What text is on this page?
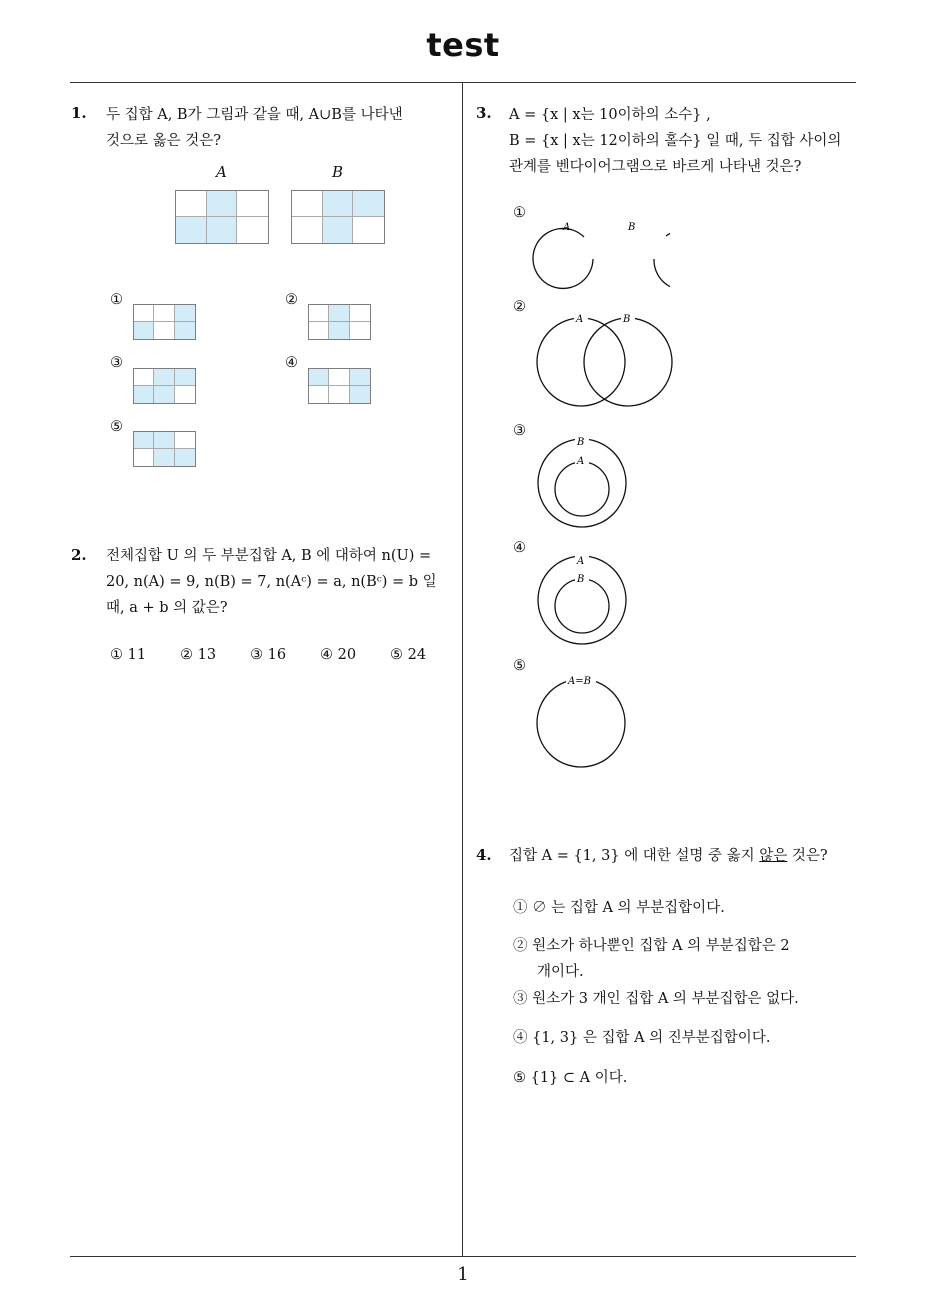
test
1
1. 두 집합 A, B가 그림과 같을 때, A∪B를 나타낸
것으로 옳은 것은?
A	B
①	②
③	④
⑤
2. 전체집합 U 의 두 부분집합 A, B 에 대하여 n(U) =
20, n(A) = 9, n(B) = 7, n(Aᶜ) = a, n(Bᶜ) = b 일
때, a + b 의 값은?
① 11 ② 13 ③ 16 ④ 20 ⑤ 24
3. A = {x | x는 10이하의 소수} ,
B = {x | x는 12이하의 홀수} 일 때, 두 집합 사이의
관계를 벤다이어그램으로 바르게 나타낸 것은?
①
A	B
②
A	B
③
B
A
④
A
B
⑤
A=B
4. 집합 A = {1, 3} 에 대한 설명 중 옳지 않은 것은?
① ∅ 는 집합 A 의 부분집합이다.
② 원소가 하나뿐인 집합 A 의 부분집합은 2
개이다.
③ 원소가 3 개인 집합 A 의 부분집합은 없다.
④ {1, 3} 은 집합 A 의 진부분집합이다.
⑤ {1} ⊂ A 이다.
